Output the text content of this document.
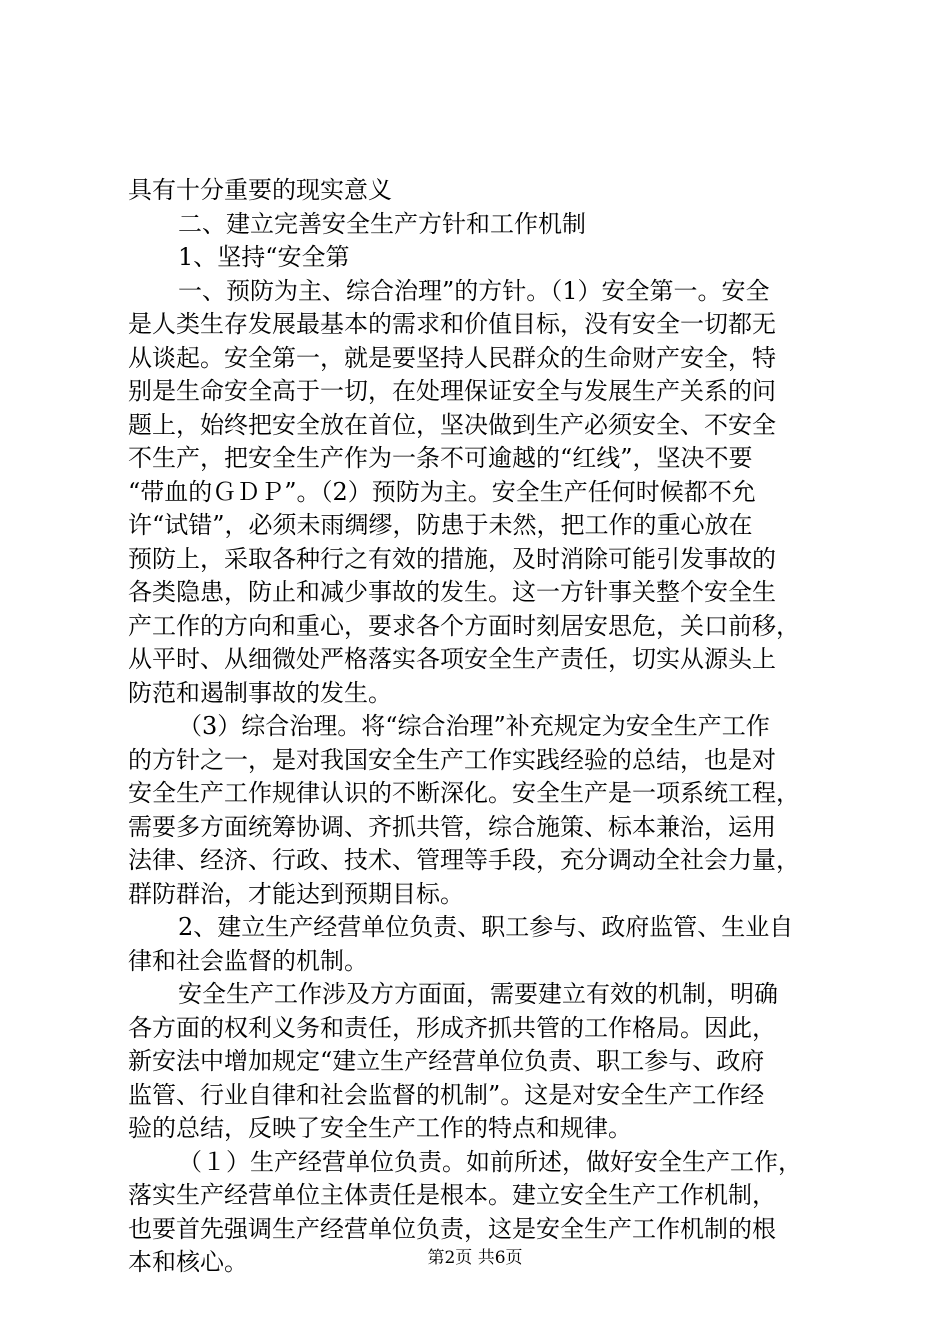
具有十分重要的现实意义
二、建立完善安全生产方针和工作机制
1、坚持“安全第
一、预防为主、综合治理”的方针。（1）安全第一。安全
是人类生存发展最基本的需求和价值目标，没有安全一切都无
从谈起。安全第一，就是要坚持人民群众的生命财产安全，特
别是生命安全高于一切，在处理保证安全与发展生产关系的问
题上，始终把安全放在首位，坚决做到生产必须安全、不安全
不生产，把安全生产作为一条不可逾越的“红线”，坚决不要
“带血的ＧＤＰ”。（2）预防为主。安全生产任何时候都不允
许“试错”，必须未雨绸缪，防患于未然，把工作的重心放在
预防上，采取各种行之有效的措施，及时消除可能引发事故的
各类隐患，防止和减少事故的发生。这一方针事关整个安全生
产工作的方向和重心，要求各个方面时刻居安思危，关口前移，
从平时、从细微处严格落实各项安全生产责任，切实从源头上
防范和遏制事故的发生。
（3）综合治理。将“综合治理”补充规定为安全生产工作
的方针之一，是对我国安全生产工作实践经验的总结，也是对
安全生产工作规律认识的不断深化。安全生产是一项系统工程，
需要多方面统筹协调、齐抓共管，综合施策、标本兼治，运用
法律、经济、行政、技术、管理等手段，充分调动全社会力量，
群防群治，才能达到预期目标。
2、建立生产经营单位负责、职工参与、政府监管、生业自
律和社会监督的机制。
安全生产工作涉及方方面面，需要建立有效的机制，明确
各方面的权利义务和责任，形成齐抓共管的工作格局。因此，
新安法中增加规定“建立生产经营单位负责、职工参与、政府
监管、行业自律和社会监督的机制”。这是对安全生产工作经
验的总结，反映了安全生产工作的特点和规律。
（１）生产经营单位负责。如前所述，做好安全生产工作，
落实生产经营单位主体责任是根本。建立安全生产工作机制，
也要首先强调生产经营单位负责，这是安全生产工作机制的根
本和核心。	第2页 共6页
